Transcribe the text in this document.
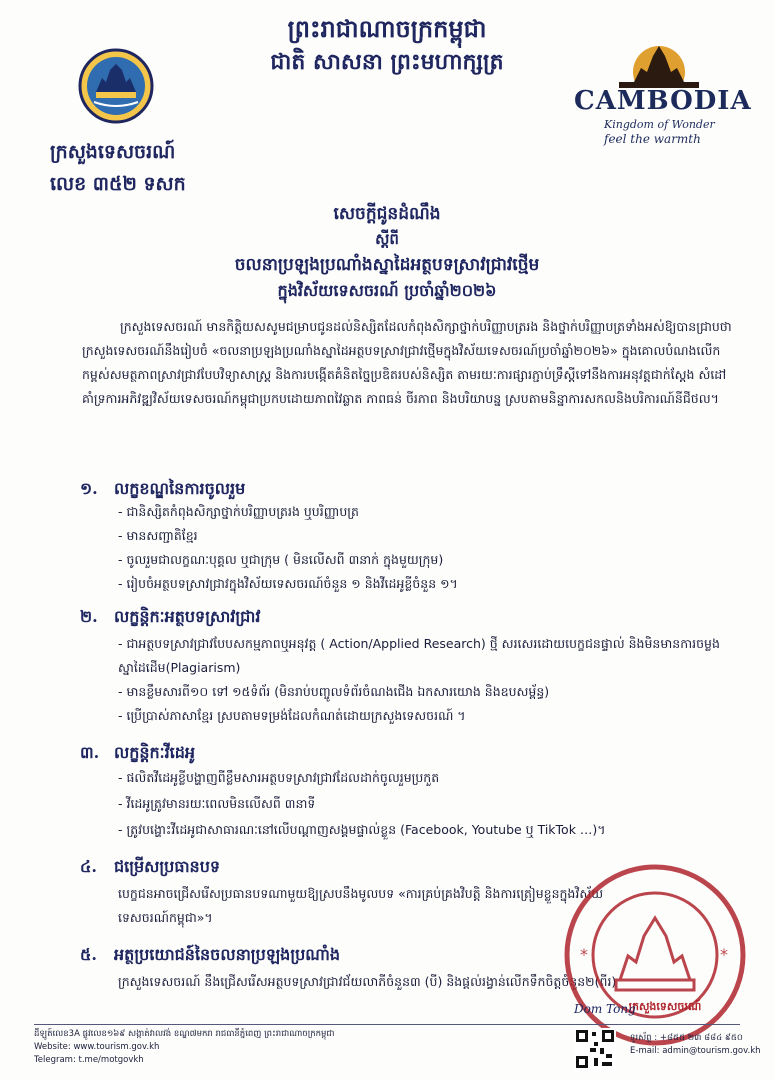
ព្រះរាជាណាចក្រកម្ពុជា
ជាតិ សាសនា ព្រះមហាក្សត្រ
CAMBODIA
Kingdom of Wonder
feel the warmth
ក្រសួងទេសចរណ៍
លេខ ៣៥២ ទសក
សេចក្តីជូនដំណឹង
ស្តីពី
ចលនាប្រឡងប្រណាំងស្នាដៃអត្ថបទស្រាវជ្រាវថ្មើម
ក្នុងវិស័យទេសចរណ៍ ប្រចាំឆ្នាំ២០២៦
ក្រសួងទេសចរណ៍ មានកិត្តិយសសូមជម្រាបជូនដល់និស្សិតដែលកំពុងសិក្សាថ្នាក់បរិញ្ញាបត្ររង និងថ្នាក់បរិញ្ញាបត្រទាំងអស់ឱ្យបានជ្រាបថា ក្រសួងទេសចរណ៍នឹងរៀបចំ «ចលនាប្រឡងប្រណាំងស្នាដៃអត្ថបទស្រាវជ្រាវថ្មើមក្នុងវិស័យទេសចរណ៍ប្រចាំឆ្នាំ២០២៦» ក្នុងគោលបំណងលើកកម្ពស់សមត្ថភាពស្រាវជ្រាវបែបវិទ្យាសាស្ត្រ និងការបង្កើតគំនិតច្នៃប្រឌិតរបស់និស្សិត តាមរយៈការផ្សារភ្ជាប់ទ្រឹស្តីទៅនឹងការអនុវត្តជាក់ស្តែង សំដៅគាំទ្រការអភិវឌ្ឍវិស័យទេសចរណ៍កម្ពុជាប្រកបដោយភាពវៃឆ្លាត ភាពធន់ ចីរភាព និងបរិយាបន្ន ស្របតាមនិន្នាការសកលនិងបរិការណ៍នីជីថល។
១. លក្ខខណ្ឌនៃការចូលរួម
- ជានិស្សិតកំពុងសិក្សាថ្នាក់បរិញ្ញាបត្ររង ឬបរិញ្ញាបត្រ
- មានសញ្ជាតិខ្មែរ
- ចូលរួមជាលក្ខណៈបុគ្គល ឬជាក្រុម ( មិនលើសពី ៣នាក់ ក្នុងមួយក្រុម)
- រៀបចំអត្ថបទស្រាវជ្រាវក្នុងវិស័យទេសចរណ៍ចំនួន ១ និងវីដេអូខ្លីចំនួន ១។
២. លក្ខន្តិកៈអត្ថបទស្រាវជ្រាវ
- ជាអត្ថបទស្រាវជ្រាវបែបសកម្មភាពឬអនុវត្ត ( Action/Applied Research) ថ្មី សរសេរដោយបេក្ខជនផ្ទាល់ និងមិនមានការចម្លងស្នាដៃដើម(Plagiarism)
- មានខ្លឹមសារពី១០ ទៅ ១៥ទំព័រ (មិនរាប់បញ្ចូលទំព័រចំណងជើង ឯកសារយោង និងឧបសម្ព័ន្ធ)
- ប្រើប្រាស់ភាសាខ្មែរ ស្របតាមទម្រង់ដែលកំណត់ដោយក្រសួងទេសចរណ៍ ។
៣. លក្ខន្តិកៈវីដេអូ
- ផលិតវីដេអូខ្លីបង្ហាញពីខ្លឹមសារអត្ថបទស្រាវជ្រាវដែលដាក់ចូលរួមប្រកួត
- វីដេអូត្រូវមានរយៈពេលមិនលើសពី ៣នាទី
- ត្រូវបង្ហោះវីដេអូជាសាធារណៈនៅលើបណ្តាញសង្គមផ្ទាល់ខ្លួន (Facebook, Youtube ឬ TikTok …)។
៤. ជម្រើសប្រធានបទ
បេក្ខជនអាចជ្រើសរើសប្រធានបទណាមួយឱ្យស្របនឹងមូលបទ «ការគ្រប់គ្រងវិបត្តិ និងការត្រៀមខ្លួនក្នុងវិស័យទេសចរណ៍កម្ពុជា»។
៥. អត្ថប្រយោជន៍នៃចលនាប្រឡងប្រណាំង
ក្រសួងទេសចរណ៍ នឹងជ្រើសរើសអត្ថបទស្រាវជ្រាវជ័យលាភីចំនួន៣ (បី) និងផ្តល់រង្វាន់លើកទឹកចិត្តចំនួន២(ពីរ)
*	*
ក្រសួងទេសចរណ៍
Dom Tong
ដីឡូត៍លេខ3A ផ្លូវលេខ១៦៩ សង្កាត់វាលវង់ ខណ្ឌ៧មករា រាជធានីភ្នំពេញ ព្រះរាជាណាចក្រកម្ពុជា
Website: www.tourism.gov.kh
Telegram: t.me/motgovkh
ទូរស័ព្ទ : +៨៥៥ ២៣ ៨៨៤ ៩៥០
E-mail: admin@tourism.gov.kh
